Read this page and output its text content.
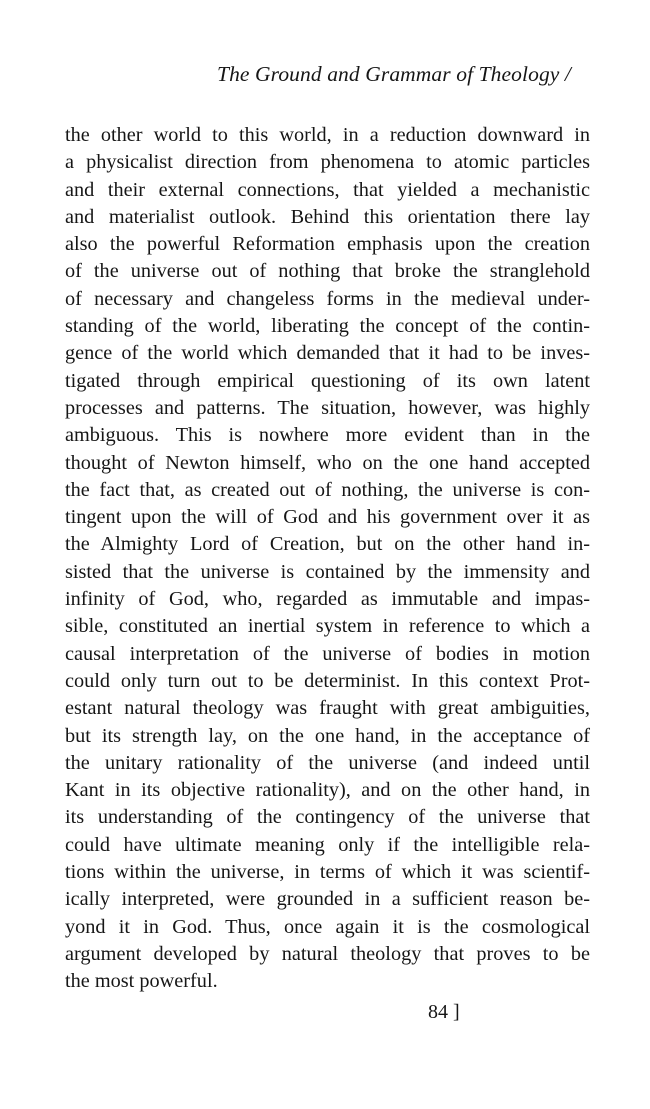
The Ground and Grammar of Theology /
the other world to this world, in a reduction downward in
a physicalist direction from phenomena to atomic particles
and their external connections, that yielded a mechanistic
and materialist outlook. Behind this orientation there lay
also the powerful Reformation emphasis upon the creation
of the universe out of nothing that broke the stranglehold
of necessary and changeless forms in the medieval under-
standing of the world, liberating the concept of the contin-
gence of the world which demanded that it had to be inves-
tigated through empirical questioning of its own latent
processes and patterns. The situation, however, was highly
ambiguous. This is nowhere more evident than in the
thought of Newton himself, who on the one hand accepted
the fact that, as created out of nothing, the universe is con-
tingent upon the will of God and his government over it as
the Almighty Lord of Creation, but on the other hand in-
sisted that the universe is contained by the immensity and
infinity of God, who, regarded as immutable and impas-
sible, constituted an inertial system in reference to which a
causal interpretation of the universe of bodies in motion
could only turn out to be determinist. In this context Prot-
estant natural theology was fraught with great ambiguities,
but its strength lay, on the one hand, in the acceptance of
the unitary rationality of the universe (and indeed until
Kant in its objective rationality), and on the other hand, in
its understanding of the contingency of the universe that
could have ultimate meaning only if the intelligible rela-
tions within the universe, in terms of which it was scientif-
ically interpreted, were grounded in a sufficient reason be-
yond it in God. Thus, once again it is the cosmological
argument developed by natural theology that proves to be
the most powerful.
84 ]
